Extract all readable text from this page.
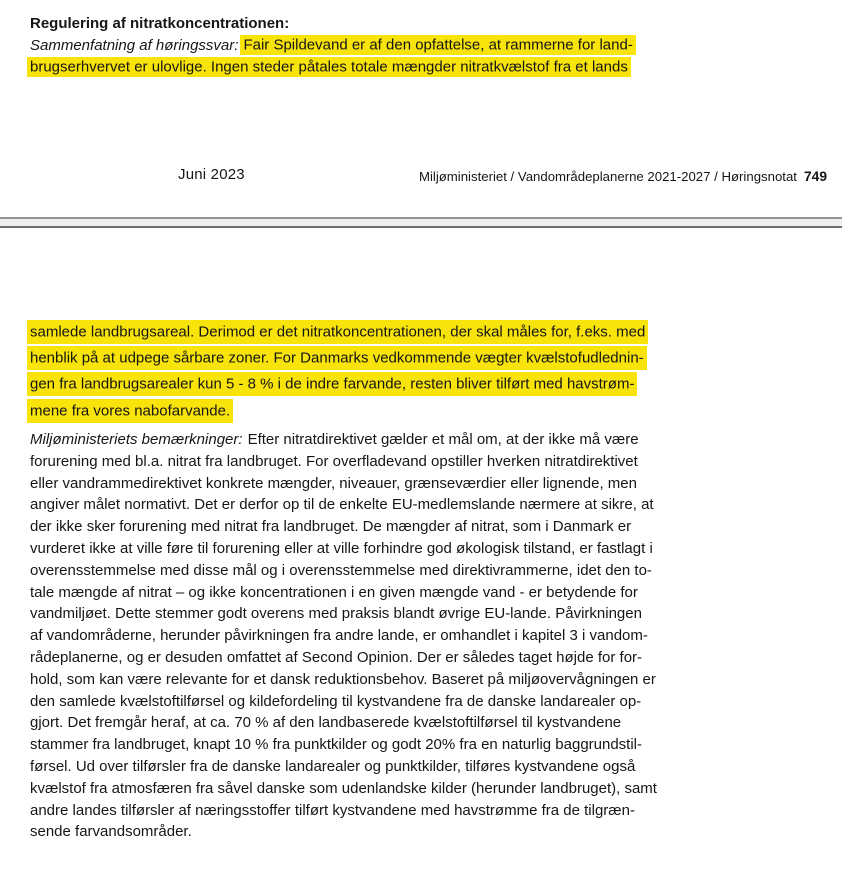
Regulering af nitratkoncentrationen:
Sammenfatning af høringssvar: Fair Spildevand er af den opfattelse, at rammerne for land-
brugserhvervet er ulovlige. Ingen steder påtales totale mængder nitratkvælstof fra et lands
Juni 2023	Miljøministeriet / Vandområdeplanerne 2021-2027 / Høringsnotat 749
samlede landbrugsareal. Derimod er det nitratkoncentrationen, der skal måles for, f.eks. med
henblik på at udpege sårbare zoner. For Danmarks vedkommende vægter kvælstofudlednin-
gen fra landbrugsarealer kun 5 - 8 % i de indre farvande, resten bliver tilført med havstrøm-
mene fra vores nabofarvande.
Miljøministeriets bemærkninger: Efter nitratdirektivet gælder et mål om, at der ikke må være
forurening med bl.a. nitrat fra landbruget. For overfladevand opstiller hverken nitratdirektivet
eller vandrammedirektivet konkrete mængder, niveauer, grænseværdier eller lignende, men
angiver målet normativt. Det er derfor op til de enkelte EU-medlemslande nærmere at sikre, at
der ikke sker forurening med nitrat fra landbruget. De mængder af nitrat, som i Danmark er
vurderet ikke at ville føre til forurening eller at ville forhindre god økologisk tilstand, er fastlagt i
overensstemmelse med disse mål og i overensstemmelse med direktivrammerne, idet den to-
tale mængde af nitrat – og ikke koncentrationen i en given mængde vand - er betydende for
vandmiljøet. Dette stemmer godt overens med praksis blandt øvrige EU-lande. Påvirkningen
af vandområderne, herunder påvirkningen fra andre lande, er omhandlet i kapitel 3 i vandom-
rådeplanerne, og er desuden omfattet af Second Opinion. Der er således taget højde for for-
hold, som kan være relevante for et dansk reduktionsbehov. Baseret på miljøovervågningen er
den samlede kvælstoftilførsel og kildefordeling til kystvandene fra de danske landarealer op-
gjort. Det fremgår heraf, at ca. 70 % af den landbaserede kvælstoftilførsel til kystvandene
stammer fra landbruget, knapt 10 % fra punktkilder og godt 20% fra en naturlig baggrundstil-
førsel. Ud over tilførsler fra de danske landarealer og punktkilder, tilføres kystvandene også
kvælstof fra atmosfæren fra såvel danske som udenlandske kilder (herunder landbruget), samt
andre landes tilførsler af næringsstoffer tilført kystvandene med havstrømme fra de tilgræn-
sende farvandsområder.
